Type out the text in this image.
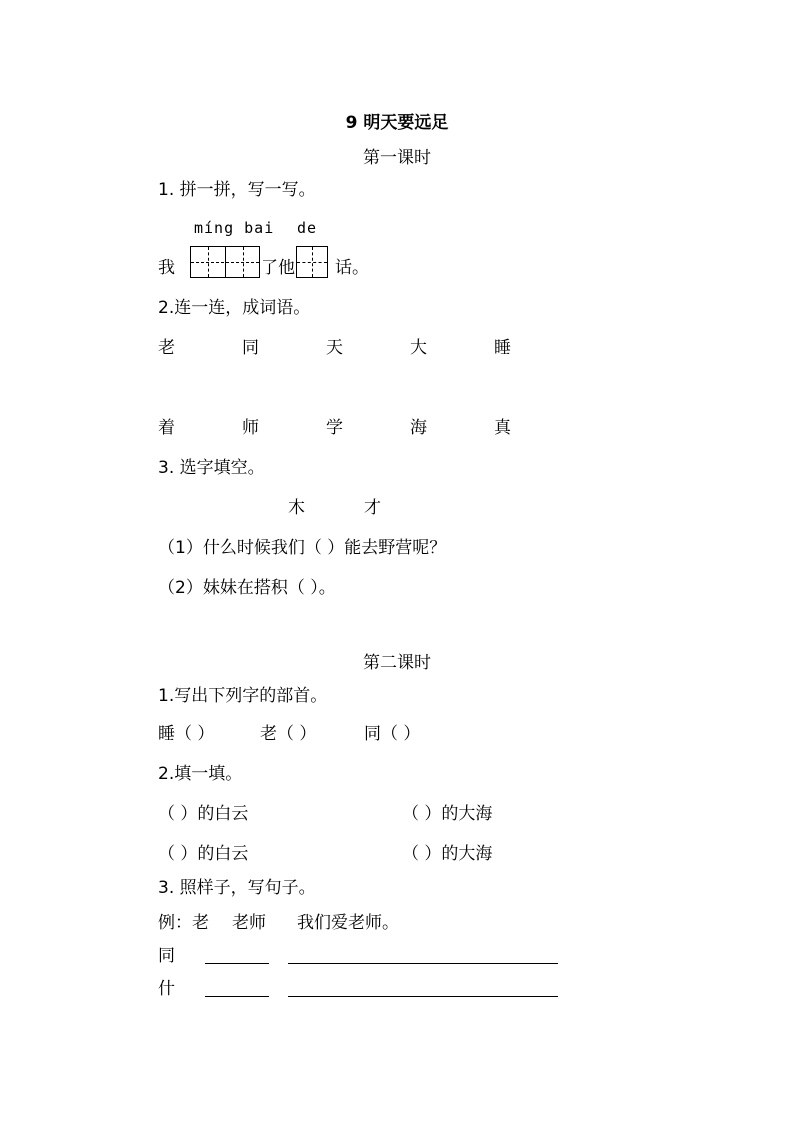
9 明天要远足
第一课时
1. 拼一拼，写一写。
míng bai de
我	了他 话。
2.连一连，成词语。
老	同	天	大	睡
着	师	学	海	真
3. 选字填空。
木	才
（1）什么时候我们（ ）能去野营呢？
（2）妹妹在搭积（ ）。
第二课时
1.写出下列字的部首。
睡（ ）	老（ ）	同（ ）
2.填一填。
（ ）的白云	（ ）的大海
（ ）的白云	（ ）的大海
3. 照样子，写句子。
例：老 老师 我们爱老师。
同
什
